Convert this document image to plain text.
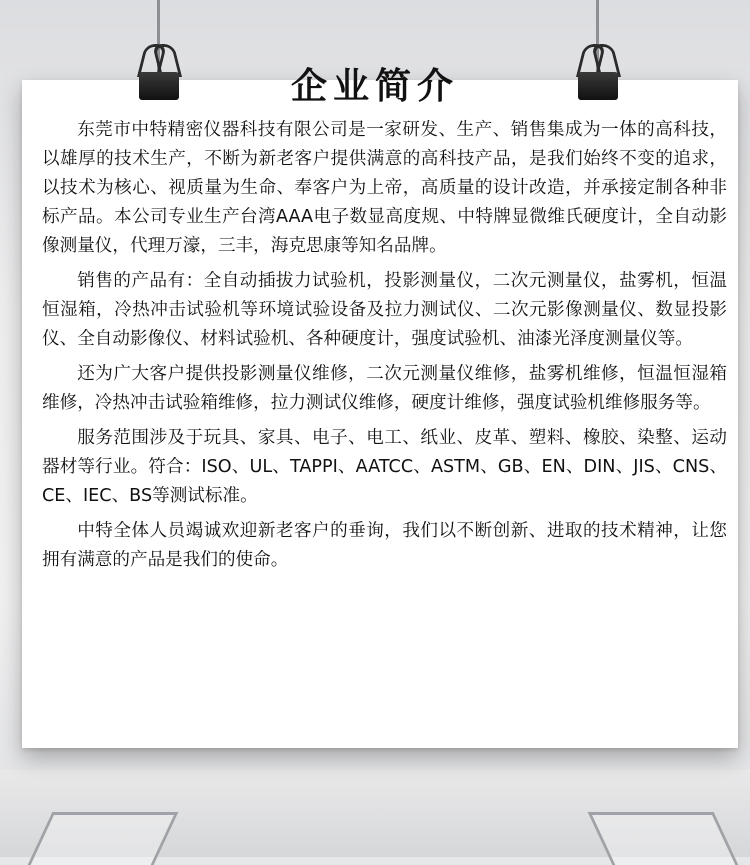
企业简介

东莞市中特精密仪器科技有限公司是一家研发、生产、销售集成为一体的高科技，以雄厚的技术生产，不断为新老客户提供满意的高科技产品，是我们始终不变的追求，以技术为核心、视质量为生命、奉客户为上帝，高质量的设计改造，并承接定制各种非标产品。本公司专业生产台湾AAA电子数显高度规、中特牌显微维氏硬度计，全自动影像测量仪，代理万濠，三丰，海克思康等知名品牌。

销售的产品有：全自动插拔力试验机，投影测量仪，二次元测量仪，盐雾机，恒温恒湿箱，冷热冲击试验机等环境试验设备及拉力测试仪、二次元影像测量仪、数显投影仪、全自动影像仪、材料试验机、各种硬度计，强度试验机、油漆光泽度测量仪等。

还为广大客户提供投影测量仪维修，二次元测量仪维修，盐雾机维修，恒温恒湿箱维修，冷热冲击试验箱维修，拉力测试仪维修，硬度计维修，强度试验机维修服务等。

服务范围涉及于玩具、家具、电子、电工、纸业、皮革、塑料、橡胶、染整、运动器材等行业。符合：ISO、UL、TAPPI、AATCC、ASTM、GB、EN、DIN、JIS、CNS、CE、IEC、BS等测试标准。

中特全体人员竭诚欢迎新老客户的垂询，我们以不断创新、进取的技术精神，让您拥有满意的产品是我们的使命。
